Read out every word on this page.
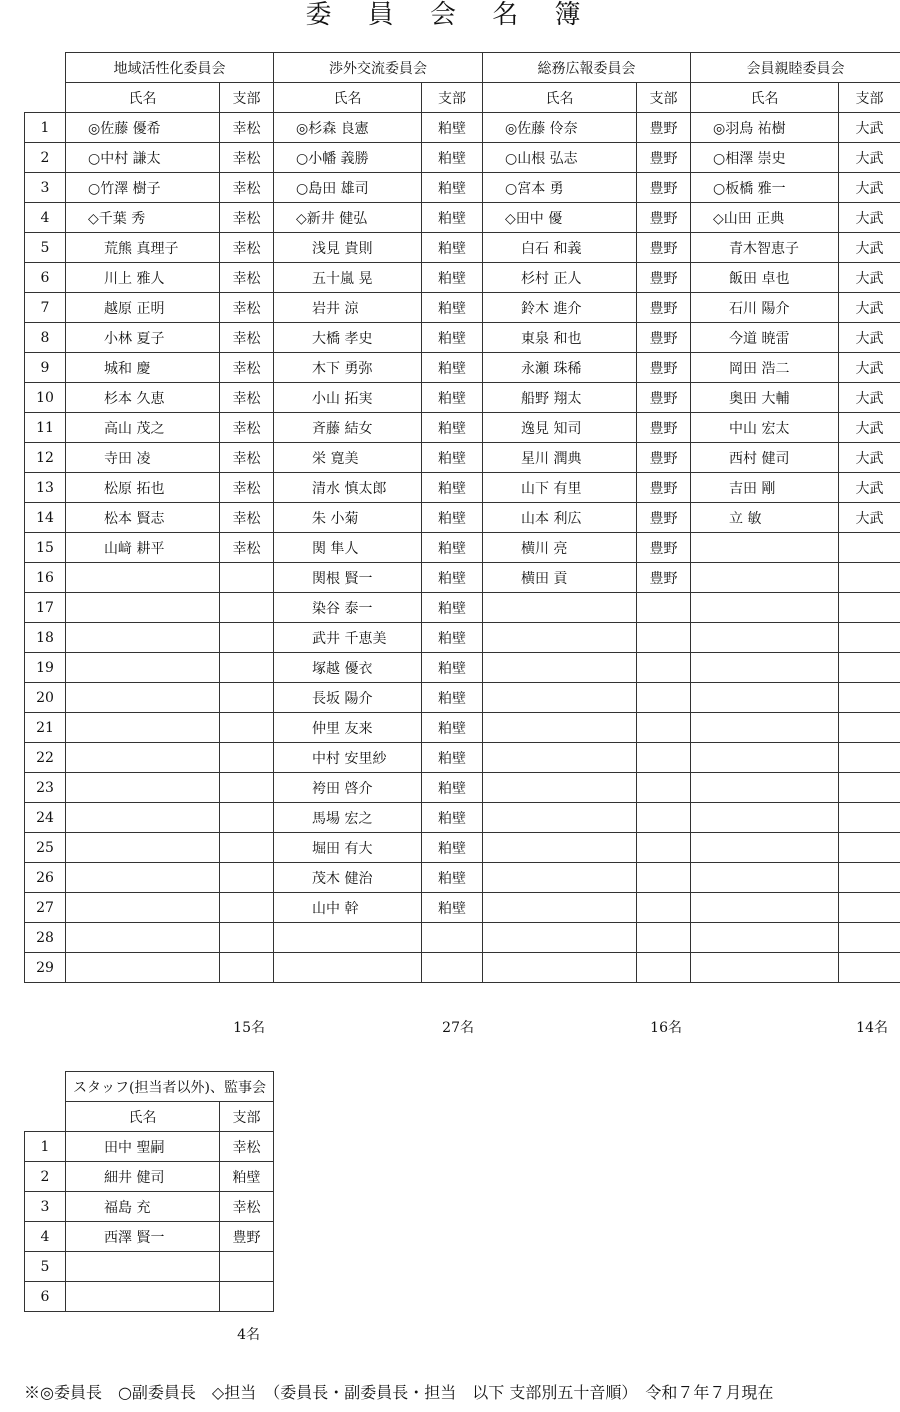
委 員 会 名 簿
	地域活性化委員会		渉外交流委員会		総務広報委員会		会員親睦委員会	
	氏名	支部	氏名	支部	氏名	支部	氏名	支部
1	◎佐藤 優希	幸松	◎杉森 良憲	粕壁	◎佐藤 伶奈	豊野	◎羽鳥 祐樹	大武
2	○中村 謙太	幸松	○小幡 義勝	粕壁	○山根 弘志	豊野	○相澤 崇史	大武
3	○竹澤 樹子	幸松	○島田 雄司	粕壁	○宮本 勇	豊野	○板橋 雅一	大武
4	◇千葉 秀	幸松	◇新井 健弘	粕壁	◇田中 優	豊野	◇山田 正典	大武
5	荒熊 真理子	幸松	浅見 貴則	粕壁	白石 和義	豊野	青木智恵子	大武
6	川上 雅人	幸松	五十嵐 晃	粕壁	杉村 正人	豊野	飯田 卓也	大武
7	越原 正明	幸松	岩井 涼	粕壁	鈴木 進介	豊野	石川 陽介	大武
8	小林 夏子	幸松	大橋 孝史	粕壁	東泉 和也	豊野	今道 暁雷	大武
9	城和 慶	幸松	木下 勇弥	粕壁	永瀬 珠稀	豊野	岡田 浩二	大武
10	杉本 久恵	幸松	小山 拓実	粕壁	船野 翔太	豊野	奥田 大輔	大武
11	高山 茂之	幸松	斉藤 結女	粕壁	逸見 知司	豊野	中山 宏太	大武
12	寺田 凌	幸松	栄 寛美	粕壁	星川 潤典	豊野	西村 健司	大武
13	松原 拓也	幸松	清水 慎太郎	粕壁	山下 有里	豊野	吉田 剛	大武
14	松本 賢志	幸松	朱 小菊	粕壁	山本 利広	豊野	立 敏	大武
15	山﨑 耕平	幸松	関 隼人	粕壁	横川 亮	豊野		
16			関根 賢一	粕壁	横田 貢	豊野		
17			染谷 泰一	粕壁				
18			武井 千恵美	粕壁				
19			塚越 優衣	粕壁				
20			長坂 陽介	粕壁				
21			仲里 友来	粕壁				
22			中村 安里紗	粕壁				
23			袴田 啓介	粕壁				
24			馬場 宏之	粕壁				
25			堀田 有大	粕壁				
26			茂木 健治	粕壁				
27			山中 幹	粕壁				
28								
29								
15名	27名	16名	14名
	スタッフ(担当者以外)、監事会	
	氏名	支部
1	田中 聖嗣	幸松
2	細井 健司	粕壁
3	福島 充	幸松
4	西澤 賢一	豊野
5		
6		
4名
※◎委員長　○副委員長　◇担当　（委員長・副委員長・担当　以下 支部別五十音順）　令和７年７月現在
